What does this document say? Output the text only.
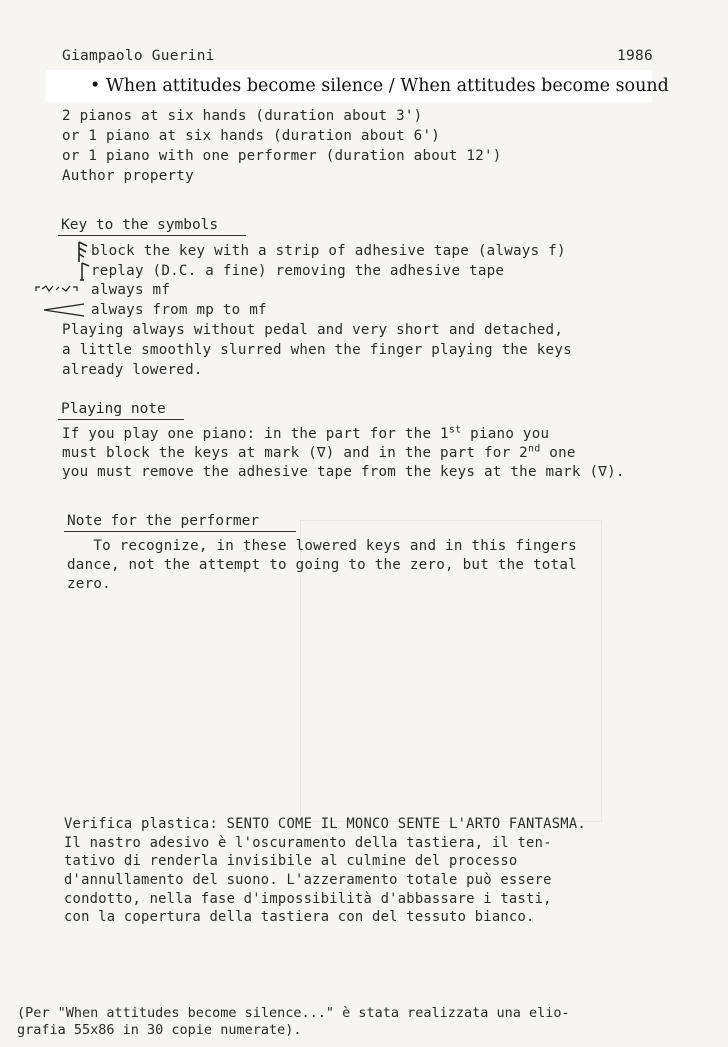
Giampaolo Guerini	1986
• When attitudes become silence / When attitudes become sound
2 pianos at six hands (duration about 3')
or 1 piano at six hands (duration about 6')
or 1 piano with one performer (duration about 12')
Author property
Key to the symbols
block the key with a strip of adhesive tape (always f)
replay (D.C. a fine) removing the adhesive tape
always mf
always from mp to mf
Playing always without pedal and very short and detached,
a little smoothly slurred when the finger playing the keys
already lowered.
Playing note
If you play one piano: in the part for the 1st piano you
must block the keys at mark (∇) and in the part for 2nd one
you must remove the adhesive tape from the keys at the mark (∇).
Note for the performer
To recognize, in these lowered keys and in this fingers
dance, not the attempt to going to the zero, but the total
zero.
Verifica plastica: SENTO COME IL MONCO SENTE L'ARTO FANTASMA.
Il nastro adesivo è l'oscuramento della tastiera, il ten-
tativo di renderla invisibile al culmine del processo
d'annullamento del suono. L'azzeramento totale può essere
condotto, nella fase d'impossibilità d'abbassare i tasti,
con la copertura della tastiera con del tessuto bianco.
(Per "When attitudes become silence..." è stata realizzata una elio-
grafia 55x86 in 30 copie numerate).
